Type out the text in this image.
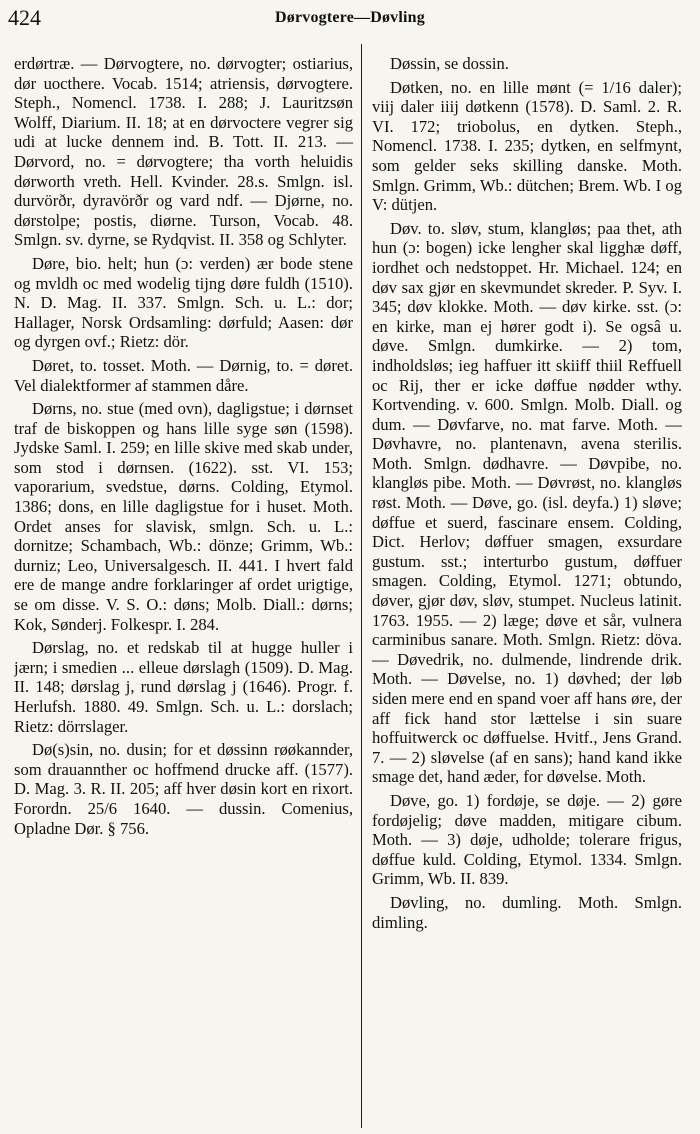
424	Dørvogtere—Døvling

erdørtræ. — Dørvogtere, no. dørvogter; ostiarius, dør uocthere. Vocab. 1514; atriensis, dørvogtere. Steph., Nomencl. 1738. I. 288; J. Lauritzsøn Wolff, Diarium. II. 18; at en dørvoctere vegrer sig udi at lucke dennem ind. B. Tott. II. 213. — Dørvord, no. = dørvogtere; tha vorth heluidis dørworth vreth. Hell. Kvinder. 28.s. Smlgn. isl. durvörðr, dyravörðr og vard ndf. — Djørne, no. dørstolpe; postis, diørne. Turson, Vocab. 48. Smlgn. sv. dyrne, se Rydqvist. II. 358 og Schlyter.

Døre, bio. helt; hun (ɔ: verden) ær bode stene og mvldh oc med wodelig tijng døre fuldh (1510). N. D. Mag. II. 337. Smlgn. Sch. u. L.: dor; Hallager, Norsk Ordsamling: dørfuld; Aasen: dør og dyrgen ovf.; Rietz: dör.

Døret, to. tosset. Moth. — Dørnig, to. = døret. Vel dialektformer af stammen dåre.

Dørns, no. stue (med ovn), dagligstue; i dørnset traf de biskoppen og hans lille syge søn (1598). Jydske Saml. I. 259; en lille skive med skab under, som stod i dørnsen. (1622). sst. VI. 153; vaporarium, svedstue, dørns. Colding, Etymol. 1386; dons, en lille dagligstue for i huset. Moth. Ordet anses for slavisk, smlgn. Sch. u. L.: dornitze; Schambach, Wb.: dönze; Grimm, Wb.: durniz; Leo, Universalgesch. II. 441. I hvert fald ere de mange andre forklaringer af ordet urigtige, se om disse. V. S. O.: døns; Molb. Diall.: dørns; Kok, Sønderj. Folkespr. I. 284.

Dørslag, no. et redskab til at hugge huller i jærn; i smedien ... elleue dørslagh (1509). D. Mag. II. 148; dørslag j, rund dørslag j (1646). Progr. f. Herlufsh. 1880. 49. Smlgn. Sch. u. L.: dorslach; Rietz: dörrslager.

Dø(s)sin, no. dusin; for et døssinn røøkannder, som drauannther oc hoffmend drucke aff. (1577). D. Mag. 3. R. II. 205; aff hver døsin kort en rixort. Forordn. 25/6 1640. — dussin. Comenius, Opladne Dør. § 756.

Døssin, se dossin.

Døtken, no. en lille mønt (= 1/16 daler); viij daler iiij døtkenn (1578). D. Saml. 2. R. VI. 172; triobolus, en dytken. Steph., Nomencl. 1738. I. 235; dytken, en selfmynt, som gelder seks skilling danske. Moth. Smlgn. Grimm, Wb.: dütchen; Brem. Wb. I og V: dütjen.

Døv. to. sløv, stum, klangløs; paa thet, ath hun (ɔ: bogen) icke lengher skal ligghæ døff, iordhet och nedstoppet. Hr. Michael. 124; en døv sax gjør en skevmundet skreder. P. Syv. I. 345; døv klokke. Moth. — døv kirke. sst. (ɔ: en kirke, man ej hører godt i). Se ogsâ u. døve. Smlgn. dumkirke. — 2) tom, indholdsløs; ieg haffuer itt skiiff thiil Reffuell oc Rij, ther er icke døffue nødder wthy. Kortvending. v. 600. Smlgn. Molb. Diall. og dum. — Døvfarve, no. mat farve. Moth. — Døvhavre, no. plantenavn, avena sterilis. Moth. Smlgn. dødhavre. — Døvpibe, no. klangløs pibe. Moth. — Døvrøst, no. klangløs røst. Moth. — Døve, go. (isl. deyfa.) 1) sløve; døffue et suerd, fascinare ensem. Colding, Dict. Herlov; døffuer smagen, exsurdare gustum. sst.; interturbo gustum, døffuer smagen. Colding, Etymol. 1271; obtundo, døver, gjør døv, sløv, stumpet. Nucleus latinit. 1763. 1955. — 2) læge; døve et sår, vulnera carminibus sanare. Moth. Smlgn. Rietz: döva. — Døvedrik, no. dulmende, lindrende drik. Moth. — Døvelse, no. 1) døvhed; der løb siden mere end en spand voer aff hans øre, der aff fick hand stor lættelse i sin suare hoffuitwerck oc døffuelse. Hvitf., Jens Grand. 7. — 2) sløvelse (af en sans); hand kand ikke smage det, hand æder, for døvelse. Moth.

Døve, go. 1) fordøje, se døje. — 2) gøre fordøjelig; døve madden, mitigare cibum. Moth. — 3) døje, udholde; tolerare frigus, døffue kuld. Colding, Etymol. 1334. Smlgn. Grimm, Wb. II. 839.

Døvling, no. dumling. Moth. Smlgn. dimling.
